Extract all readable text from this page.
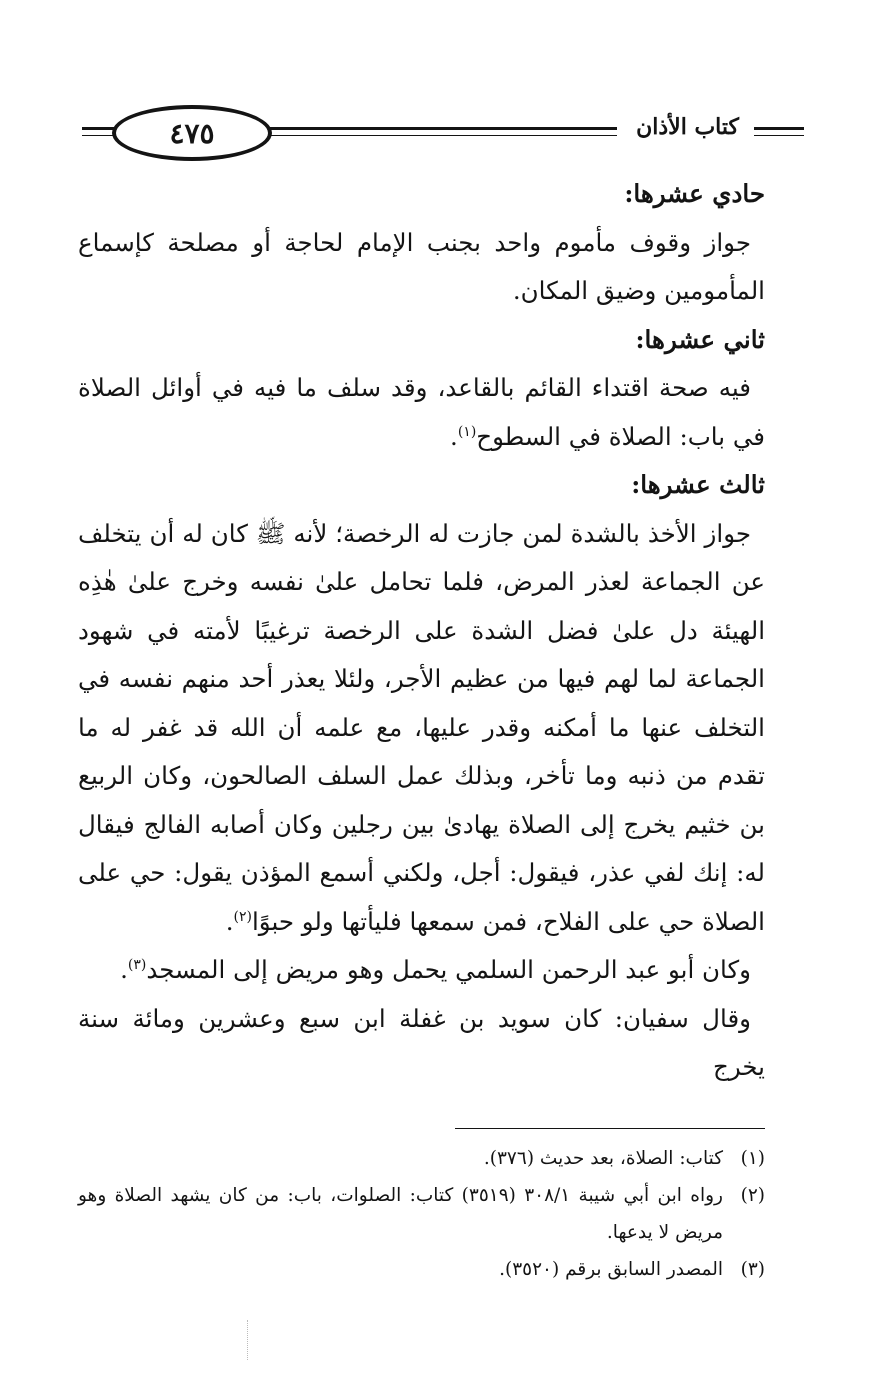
٤٧٥	كتاب الأذان

حادي عشرها:

جواز وقوف مأموم واحد بجنب الإمام لحاجة أو مصلحة كإسماع المأمومين وضيق المكان.

ثاني عشرها:

فيه صحة اقتداء القائم بالقاعد، وقد سلف ما فيه في أوائل الصلاة في باب: الصلاة في السطوح$^{(١)}$.

ثالث عشرها:

جواز الأخذ بالشدة لمن جازت له الرخصة؛ لأنه ﷺ كان له أن يتخلف عن الجماعة لعذر المرض، فلما تحامل علىٰ نفسه وخرج علىٰ هٰذِه الهيئة دل علىٰ فضل الشدة على الرخصة ترغيبًا لأمته في شهود الجماعة لما لهم فيها من عظيم الأجر، ولئلا يعذر أحد منهم نفسه في التخلف عنها ما أمكنه وقدر عليها، مع علمه أن الله قد غفر له ما تقدم من ذنبه وما تأخر، وبذلك عمل السلف الصالحون، وكان الربيع بن خثيم يخرج إلى الصلاة يهادىٰ بين رجلين وكان أصابه الفالج فيقال له: إنك لفي عذر، فيقول: أجل، ولكني أسمع المؤذن يقول: حي على الصلاة حي على الفلاح، فمن سمعها فليأتها ولو حبوًا$^{(٢)}$.

وكان أبو عبد الرحمن السلمي يحمل وهو مريض إلى المسجد$^{(٣)}$.

وقال سفيان: كان سويد بن غفلة ابن سبع وعشرين ومائة سنة يخرج

(١)
كتاب: الصلاة، بعد حديث (٣٧٦).
(٢)
رواه ابن أبي شيبة ٣٠٨/١ (٣٥١٩) كتاب: الصلوات، باب: من كان يشهد الصلاة وهو مريض لا يدعها.
(٣)
المصدر السابق برقم (٣٥٢٠).
